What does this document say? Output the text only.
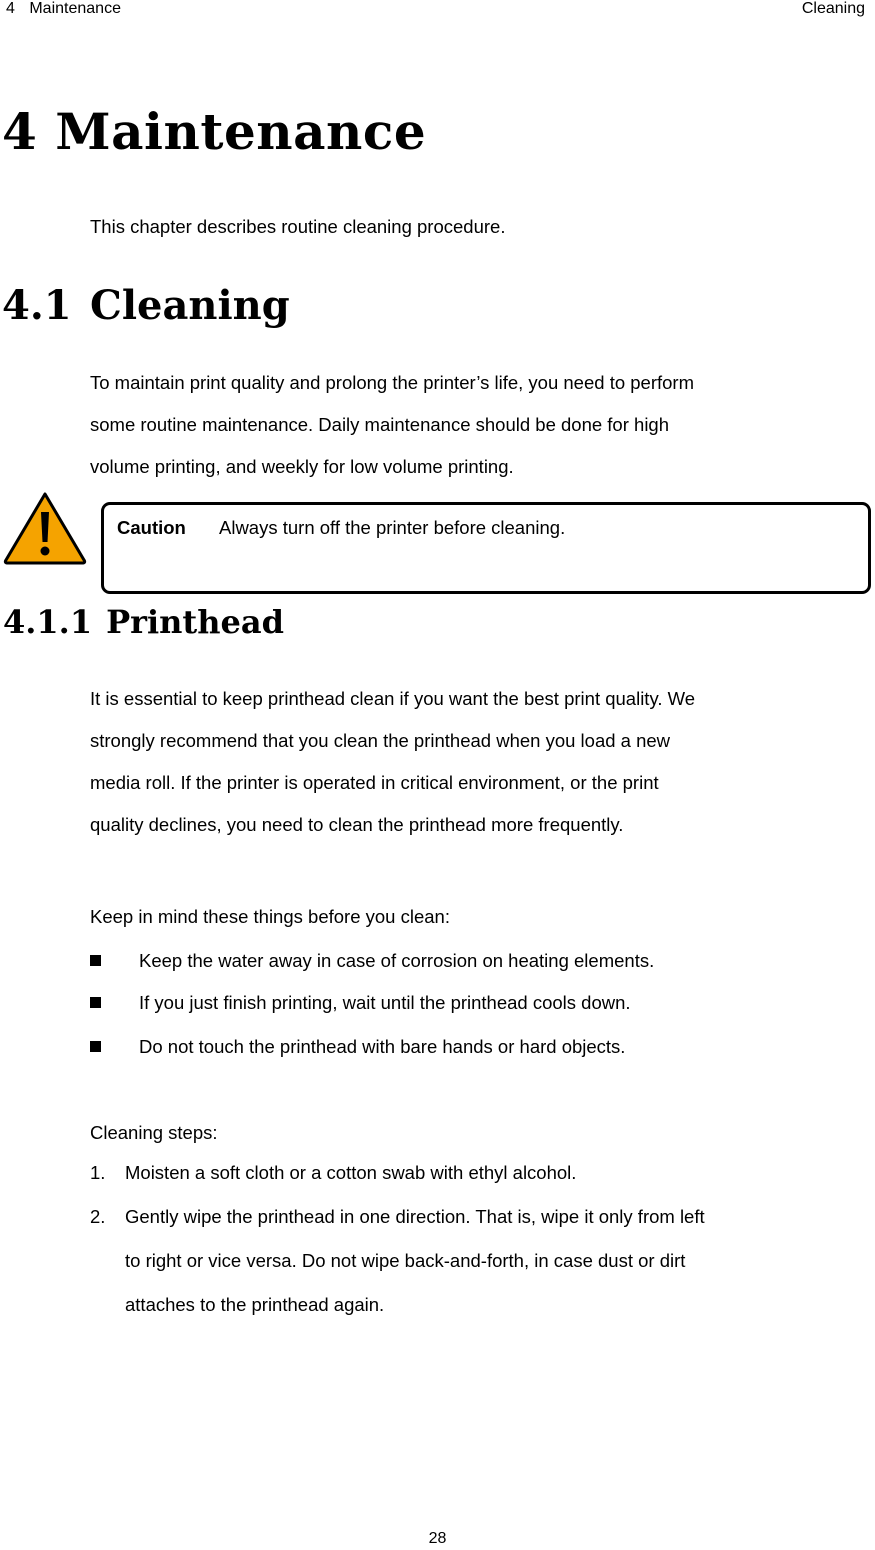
4 Maintenance	Cleaning
4 Maintenance
This chapter describes routine cleaning procedure.
4.1 Cleaning
To maintain print quality and prolong the printer’s life, you need to perform
some routine maintenance. Daily maintenance should be done for high
volume printing, and weekly for low volume printing.
Caution Always turn off the printer before cleaning.
4.1.1 Printhead
It is essential to keep printhead clean if you want the best print quality. We
strongly recommend that you clean the printhead when you load a new
media roll. If the printer is operated in critical environment, or the print
quality declines, you need to clean the printhead more frequently.
Keep in mind these things before you clean:
Keep the water away in case of corrosion on heating elements.
If you just finish printing, wait until the printhead cools down.
Do not touch the printhead with bare hands or hard objects.
Cleaning steps:
1. Moisten a soft cloth or a cotton swab with ethyl alcohol.
2. Gently wipe the printhead in one direction. That is, wipe it only from left
to right or vice versa. Do not wipe back-and-forth, in case dust or dirt
attaches to the printhead again.
28
